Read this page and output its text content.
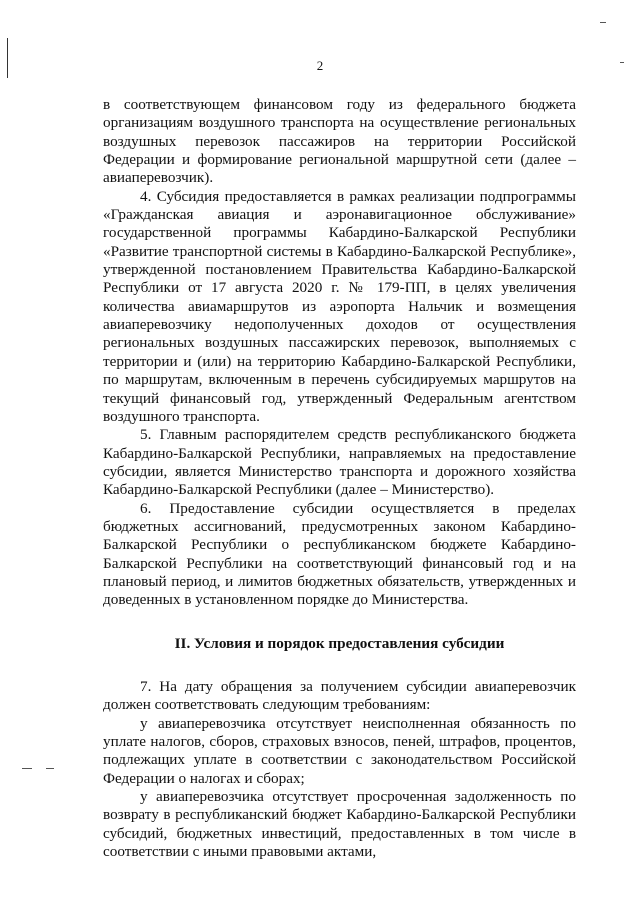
2

в соответствующем финансовом году из федерального бюджета организациям воздушного транспорта на осуществление региональных воздушных перевозок пассажиров на территории Российской Федерации и формирование региональной маршрутной сети (далее – авиаперевозчик).

4. Субсидия предоставляется в рамках реализации подпрограммы «Гражданская авиация и аэронавигационное обслуживание» государственной программы Кабардино-Балкарской Республики «Развитие транспортной системы в Кабардино-Балкарской Республике», утвержденной постановлением Правительства Кабардино-Балкарской Республики от 17 августа 2020 г. № 179-ПП, в целях увеличения количества авиамаршрутов из аэропорта Нальчик и возмещения авиаперевозчику недополученных доходов от осуществления региональных воздушных пассажирских перевозок, выполняемых с территории и (или) на территорию Кабардино-Балкарской Республики, по маршрутам, включенным в перечень субсидируемых маршрутов на текущий финансовый год, утвержденный Федеральным агентством воздушного транспорта.

5. Главным распорядителем средств республиканского бюджета Кабардино-Балкарской Республики, направляемых на предоставление субсидии, является Министерство транспорта и дорожного хозяйства Кабардино-Балкарской Республики (далее – Министерство).

6. Предоставление субсидии осуществляется в пределах бюджетных ассигнований, предусмотренных законом Кабардино-Балкарской Республики о республиканском бюджете Кабардино-Балкарской Республики на соответствующий финансовый год и на плановый период, и лимитов бюджетных обязательств, утвержденных и доведенных в установленном порядке до Министерства.

II. Условия и порядок предоставления субсидии

7. На дату обращения за получением субсидии авиаперевозчик должен соответствовать следующим требованиям:

у авиаперевозчика отсутствует неисполненная обязанность по уплате налогов, сборов, страховых взносов, пеней, штрафов, процентов, подлежащих уплате в соответствии с законодательством Российской Федерации о налогах и сборах;

у авиаперевозчика отсутствует просроченная задолженность по возврату в республиканский бюджет Кабардино-Балкарской Республики субсидий, бюджетных инвестиций, предоставленных в том числе в соответствии с иными правовыми актами,
